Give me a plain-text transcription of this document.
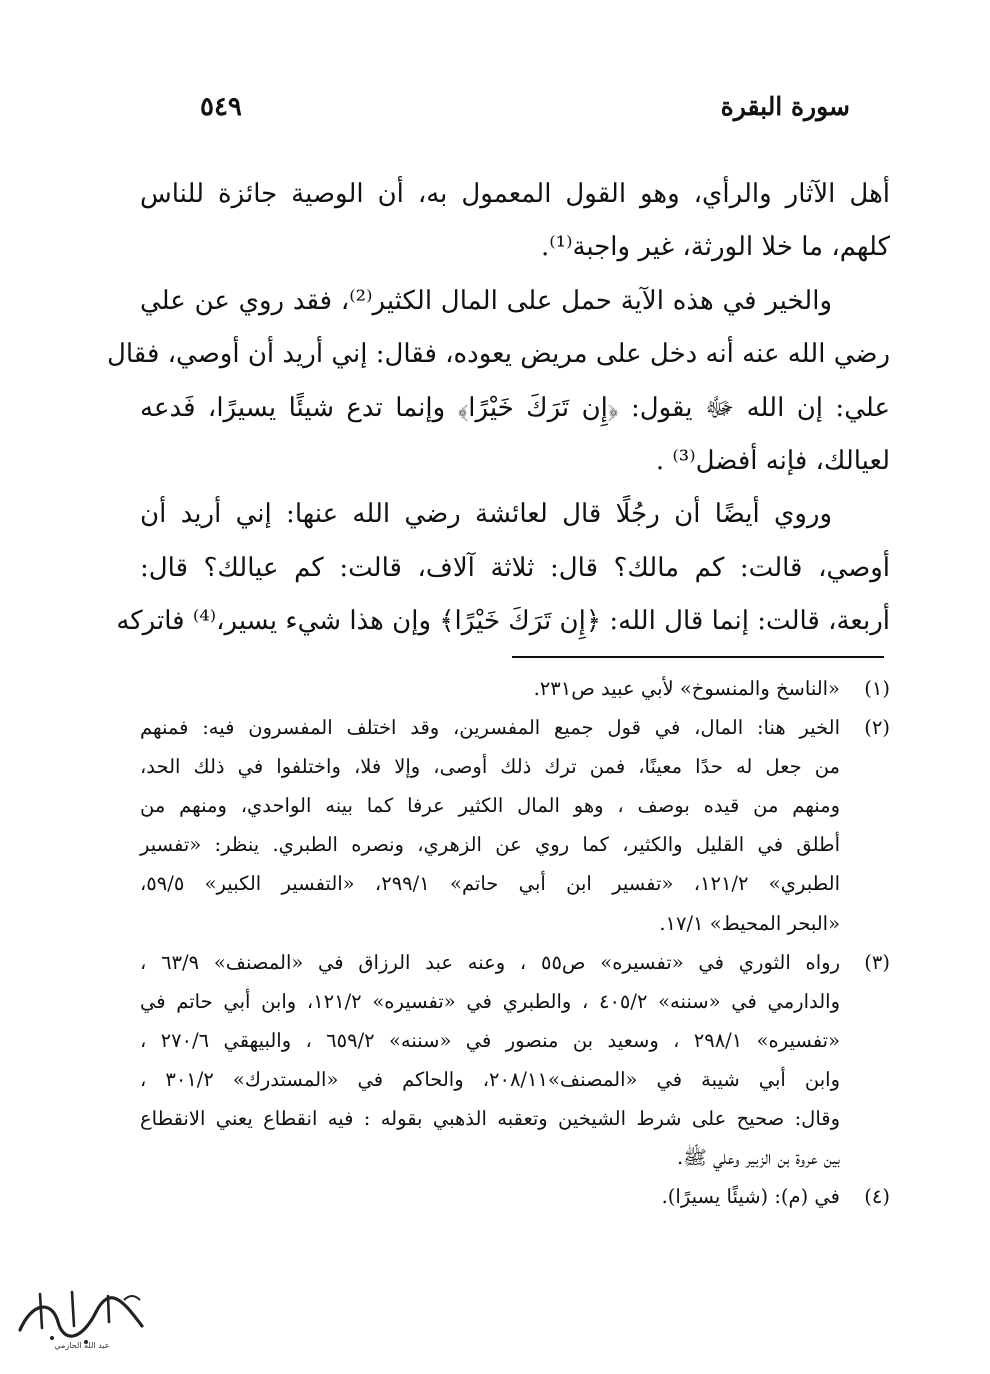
سورة البقرة
٥٤٩
أهل الآثار والرأي، وهو القول المعمول به، أن الوصية جائزة للناس
كلهم، ما خلا الورثة، غير واجبة⁽¹⁾.
والخير في هذه الآية حمل على المال الكثير⁽²⁾، فقد روي عن علي
رضي الله عنه أنه دخل على مريض يعوده، فقال: إني أريد أن أوصي، فقال
علي: إن الله ﷻ يقول: ﴿إِن تَرَكَ خَيْرًا﴾ وإنما تدع شيئًا يسيرًا، فَدعه
لعيالك، فإنه أفضل⁽³⁾ .
وروي أيضًا أن رجُلًا قال لعائشة رضي الله عنها: إني أريد أن
أوصي، قالت: كم مالك؟ قال: ثلاثة آلاف، قالت: كم عيالك؟ قال:
أربعة، قالت: إنما قال الله: ﴿إِن تَرَكَ خَيْرًا﴾ وإن هذا شيء يسير،⁽⁴⁾ فاتركه
(١)
«الناسخ والمنسوخ» لأبي عبيد ص٢٣١.
(٢)
الخير هنا: المال، في قول جميع المفسرين، وقد اختلف المفسرون فيه: فمنهم
من جعل له حدًا معينًا، فمن ترك ذلك أوصى، وإلا فلا، واختلفوا في ذلك الحد،
ومنهم من قيده بوصف ، وهو المال الكثير عرفا كما بينه الواحدي، ومنهم من
أطلق في القليل والكثير، كما روي عن الزهري، ونصره الطبري. ينظر: «تفسير
الطبري» ١٢١/٢، «تفسير ابن أبي حاتم» ٢٩٩/١، «التفسير الكبير» ٥٩/٥،
«البحر المحيط» ١٧/١.
(٣)
رواه الثوري في «تفسيره» ص٥٥ ، وعنه عبد الرزاق في «المصنف» ٦٣/٩ ،
والدارمي في «سننه» ٤٠٥/٢ ، والطبري في «تفسيره» ١٢١/٢، وابن أبي حاتم في
«تفسيره» ٢٩٨/١ ، وسعيد بن منصور في «سننه» ٦٥٩/٢ ، والبيهقي ٢٧٠/٦ ،
وابن أبي شيبة في «المصنف»٢٠٨/١١، والحاكم في «المستدرك» ٣٠١/٢ ،
وقال: صحيح على شرط الشيخين وتعقبه الذهبي بقوله : فيه انقطاع يعني الانقطاع
بين عروة بن الزبير وعلي ﷺ.
(٤)
في (م): (شيئًا يسيرًا).
عبد الله الحازمي
